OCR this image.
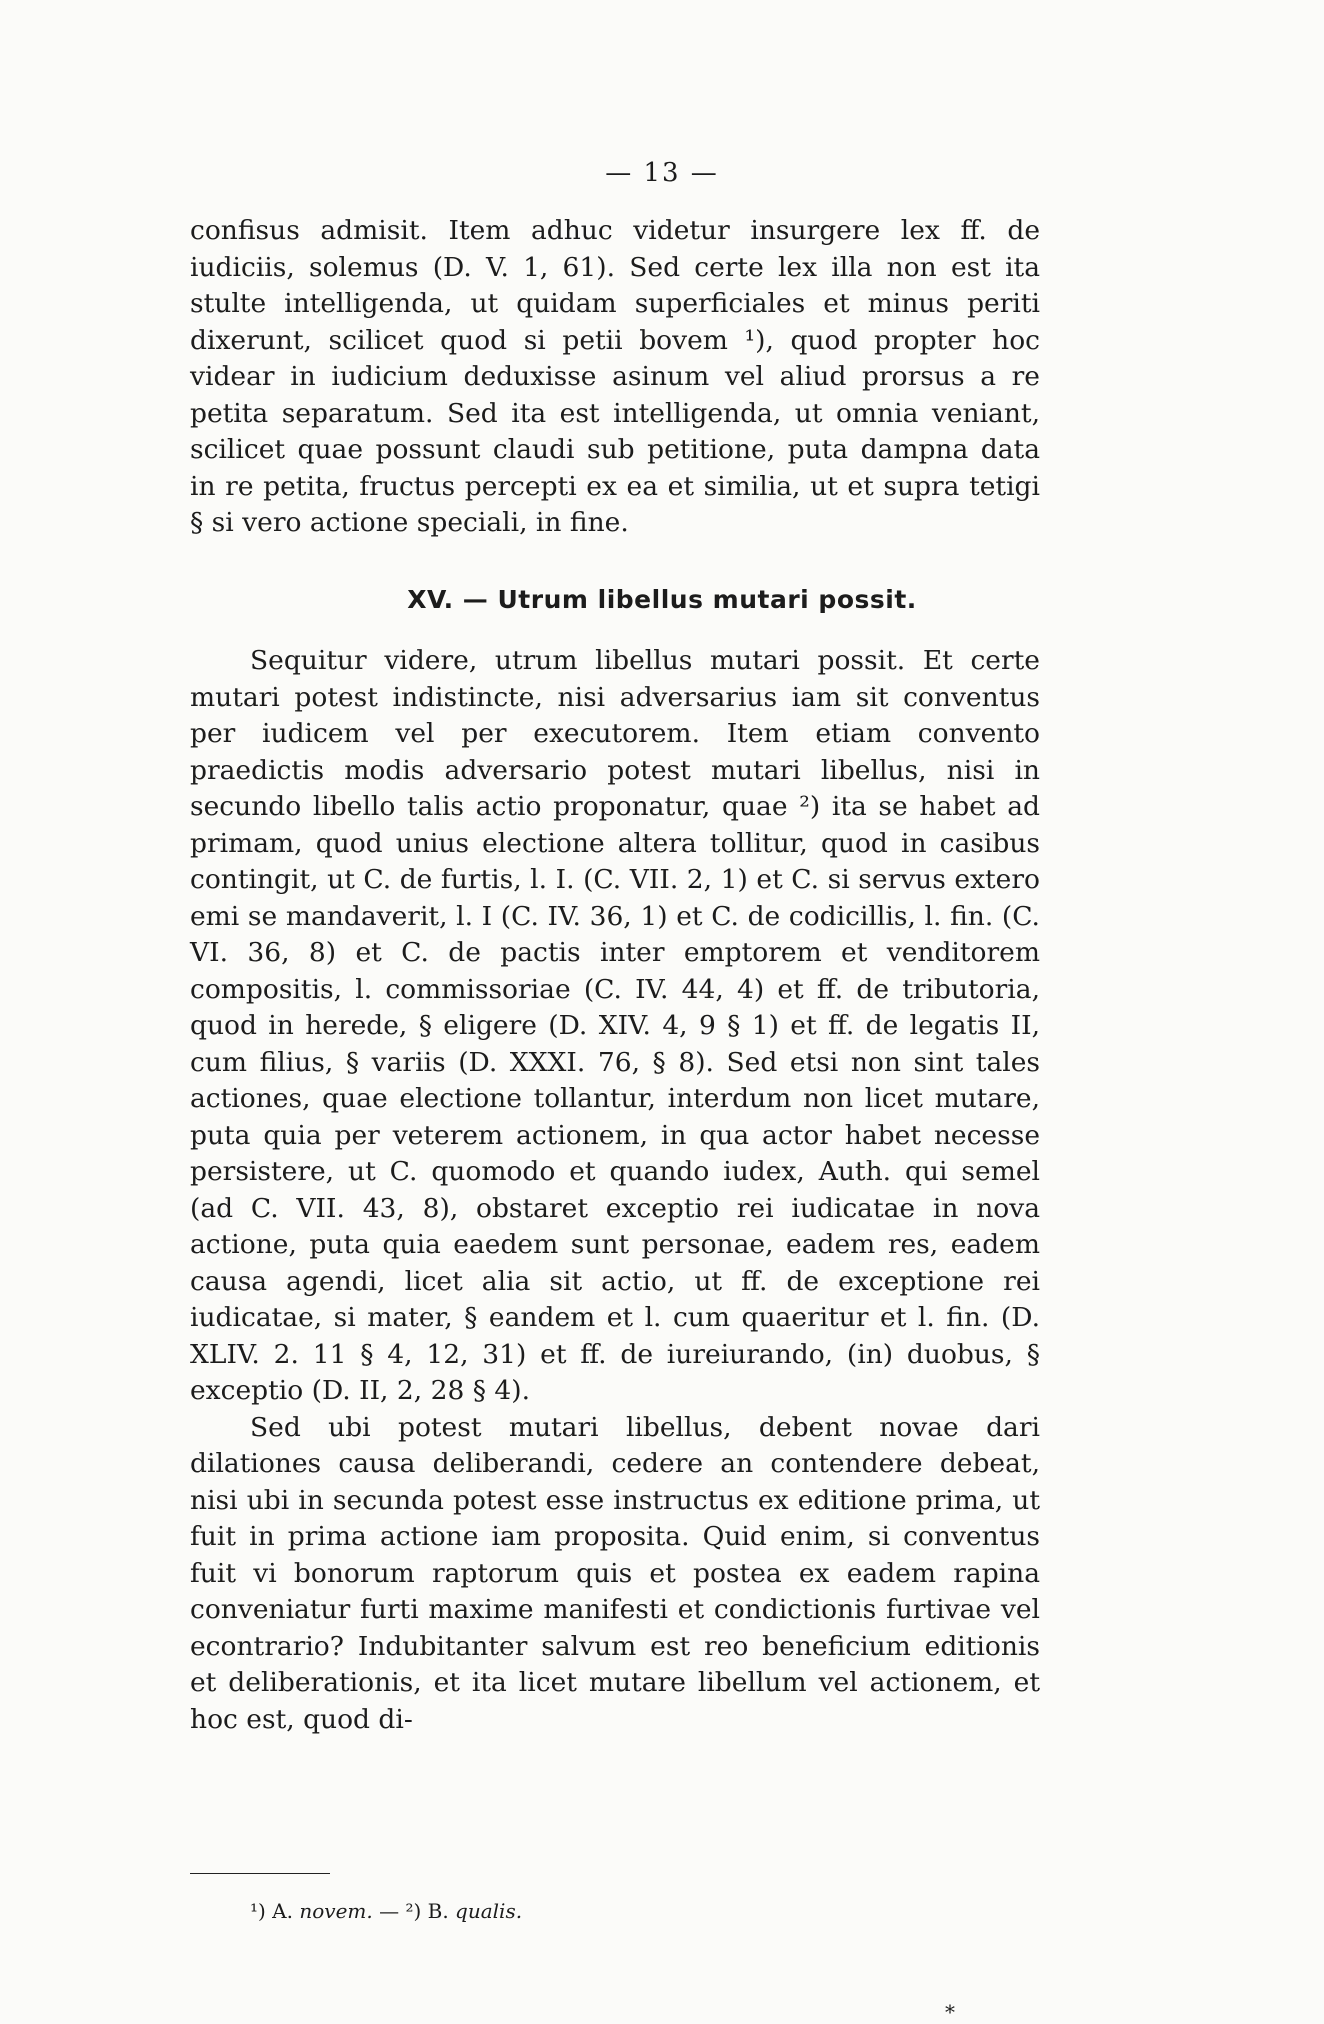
— 13 —

confisus admisit. Item adhuc videtur insurgere lex ff. de iudiciis, solemus (D. V. 1, 61). Sed certe lex illa non est ita stulte intelligenda, ut quidam superficiales et minus periti dixerunt, scilicet quod si petii bovem ¹), quod propter hoc videar in iudicium deduxisse asinum vel aliud prorsus a re petita separatum. Sed ita est intelligenda, ut omnia veniant, scilicet quae possunt claudi sub petitione, puta dampna data in re petita, fructus percepti ex ea et similia, ut et supra tetigi § si vero actione speciali, in fine.

XV. — Utrum libellus mutari possit.

Sequitur videre, utrum libellus mutari possit. Et certe mutari potest indistincte, nisi adversarius iam sit conventus per iudicem vel per executorem. Item etiam convento praedictis modis adversario potest mutari libellus, nisi in secundo libello talis actio proponatur, quae ²) ita se habet ad primam, quod unius electione altera tollitur, quod in casibus contingit, ut C. de furtis, l. I. (C. VII. 2, 1) et C. si servus extero emi se mandaverit, l. I (C. IV. 36, 1) et C. de codicillis, l. fin. (C. VI. 36, 8) et C. de pactis inter emptorem et venditorem compositis, l. commissoriae (C. IV. 44, 4) et ff. de tributoria, quod in herede, § eligere (D. XIV. 4, 9 § 1) et ff. de legatis II, cum filius, § variis (D. XXXI. 76, § 8). Sed etsi non sint tales actiones, quae electione tollantur, interdum non licet mutare, puta quia per veterem actionem, in qua actor habet necesse persistere, ut C. quomodo et quando iudex, Auth. qui semel (ad C. VII. 43, 8), obstaret exceptio rei iudicatae in nova actione, puta quia eaedem sunt personae, eadem res, eadem causa agendi, licet alia sit actio, ut ff. de exceptione rei iudicatae, si mater, § eandem et l. cum quaeritur et l. fin. (D. XLIV. 2. 11 § 4, 12, 31) et ff. de iureiurando, (in) duobus, § exceptio (D. II, 2, 28 § 4).

Sed ubi potest mutari libellus, debent novae dari dilationes causa deliberandi, cedere an contendere debeat, nisi ubi in secunda potest esse instructus ex editione prima, ut fuit in prima actione iam proposita. Quid enim, si conventus fuit vi bonorum raptorum quis et postea ex eadem rapina conveniatur furti maxime manifesti et condictionis furtivae vel econtrario? Indubitanter salvum est reo beneficium editionis et deliberationis, et ita licet mutare libellum vel actionem, et hoc est, quod di-

¹) A. novem. — ²) B. qualis.
*
